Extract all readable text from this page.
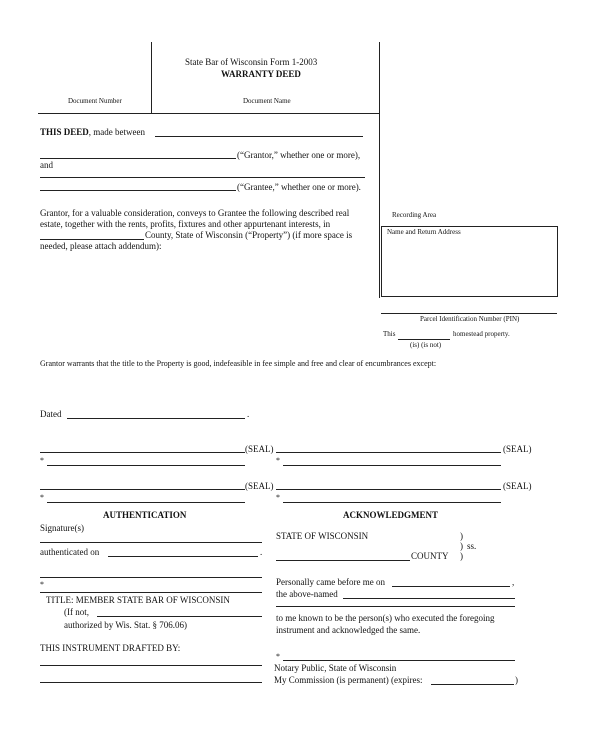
State Bar of Wisconsin Form 1-2003
WARRANTY DEED
Document Number	Document Name
THIS DEED, made between
(“Grantor,” whether one or more),
and
(“Grantee,” whether one or more).
Grantor, for a valuable consideration, conveys to Grantee the following described real
estate, together with the rents, profits, fixtures and other appurtenant interests, in
County, State of Wisconsin (“Property”) (if more space is
needed, please attach addendum):
Recording Area
Name and Return Address
Parcel Identification Number (PIN)
This	homestead property.
(is) (is not)
Grantor warrants that the title to the Property is good, indefeasible in fee simple and free and clear of encumbrances except:
Dated	.
(SEAL)	(SEAL)
*	*
(SEAL)	(SEAL)
*	*
AUTHENTICATION
Signature(s)
authenticated on	.
*
TITLE: MEMBER STATE BAR OF WISCONSIN
(If not,
authorized by Wis. Stat. § 706.06)
THIS INSTRUMENT DRAFTED BY:
ACKNOWLEDGMENT
STATE OF WISCONSIN	)
) ss.
COUNTY )
Personally came before me on	,
the above-named
to me known to be the person(s) who executed the foregoing
instrument and acknowledged the same.
*
Notary Public, State of Wisconsin
My Commission (is permanent) (expires:	)
